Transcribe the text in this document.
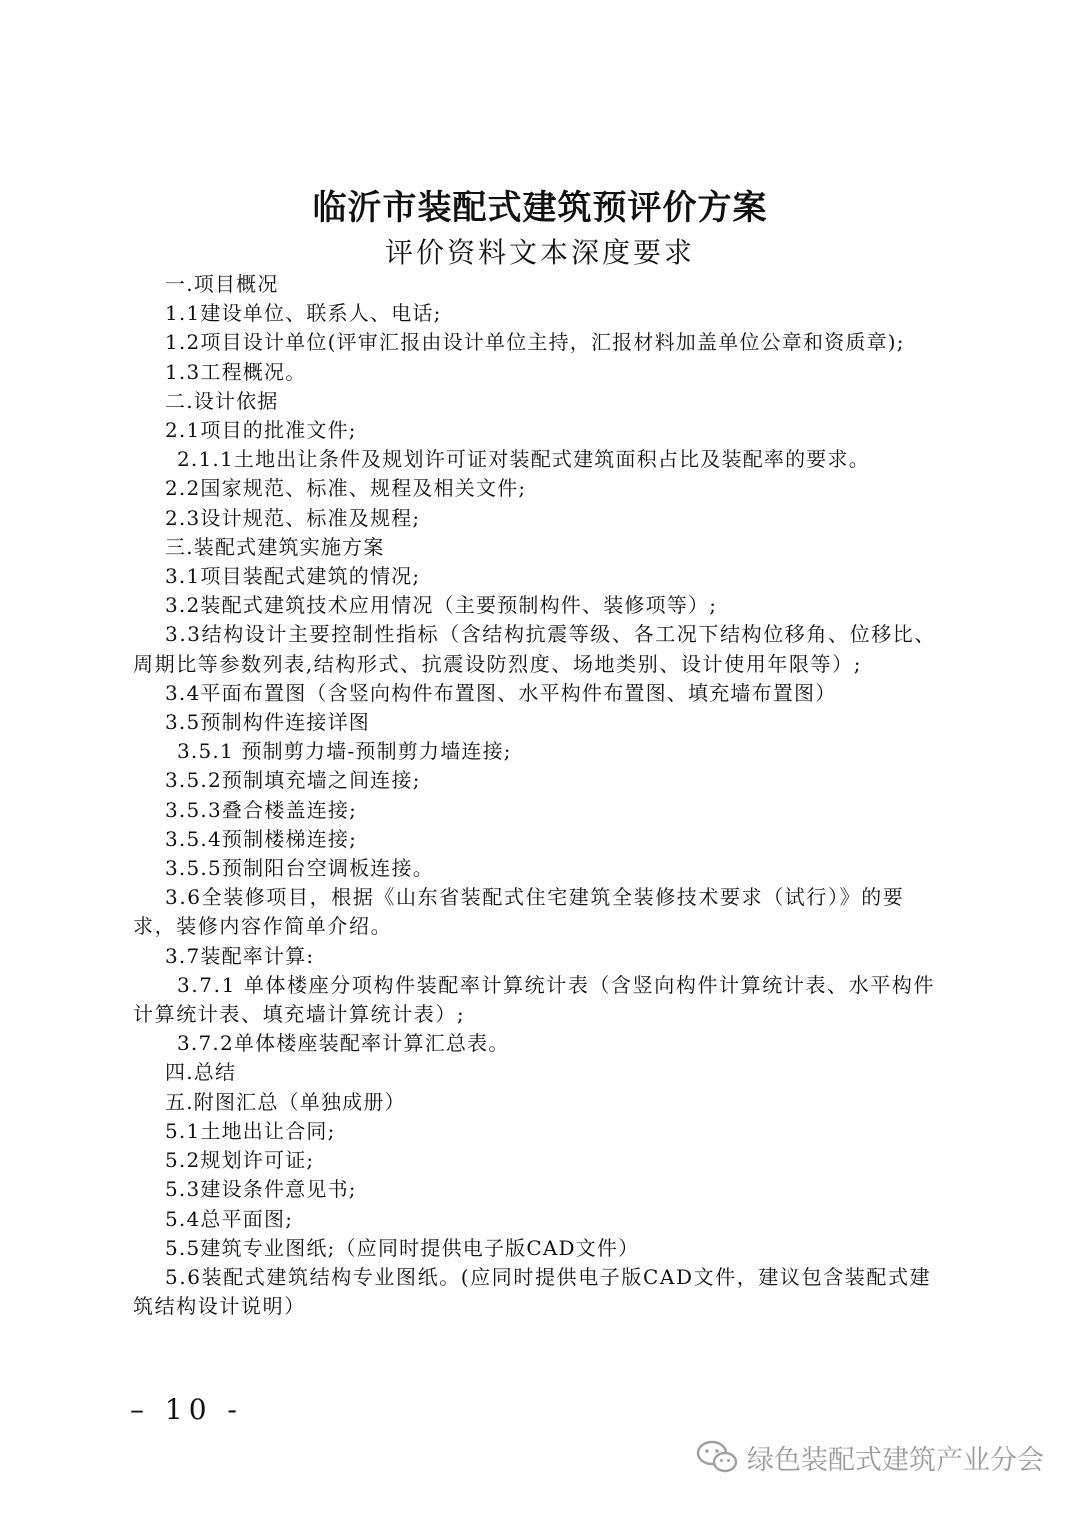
临沂市装配式建筑预评价方案
评价资料文本深度要求
一.项目概况
1.1建设单位、联系人、电话;
1.2项目设计单位(评审汇报由设计单位主持，汇报材料加盖单位公章和资质章);
1.3工程概况。
二.设计依据
2.1项目的批准文件;
2.1.1土地出让条件及规划许可证对装配式建筑面积占比及装配率的要求。
2.2国家规范、标准、规程及相关文件;
2.3设计规范、标准及规程;
三.装配式建筑实施方案
3.1项目装配式建筑的情况;
3.2装配式建筑技术应用情况（主要预制构件、装修项等）;
3.3结构设计主要控制性指标（含结构抗震等级、各工况下结构位移角、位移比、周期比等参数列表,结构形式、抗震设防烈度、场地类别、设计使用年限等）;
3.4平面布置图（含竖向构件布置图、水平构件布置图、填充墙布置图）
3.5预制构件连接详图
3.5.1 预制剪力墙-预制剪力墙连接;
3.5.2预制填充墙之间连接;
3.5.3叠合楼盖连接;
3.5.4预制楼梯连接;
3.5.5预制阳台空调板连接。
3.6全装修项目，根据《山东省装配式住宅建筑全装修技术要求（试行）》的要求，装修内容作简单介绍。
3.7装配率计算:
3.7.1 单体楼座分项构件装配率计算统计表（含竖向构件计算统计表、水平构件计算统计表、填充墙计算统计表）;
3.7.2单体楼座装配率计算汇总表。
四.总结
五.附图汇总（单独成册）
5.1土地出让合同;
5.2规划许可证;
5.3建设条件意见书;
5.4总平面图;
5.5建筑专业图纸;（应同时提供电子版CAD文件）
5.6装配式建筑结构专业图纸。(应同时提供电子版CAD文件，建议包含装配式建筑结构设计说明）
– 10 -
绿色装配式建筑产业分会
